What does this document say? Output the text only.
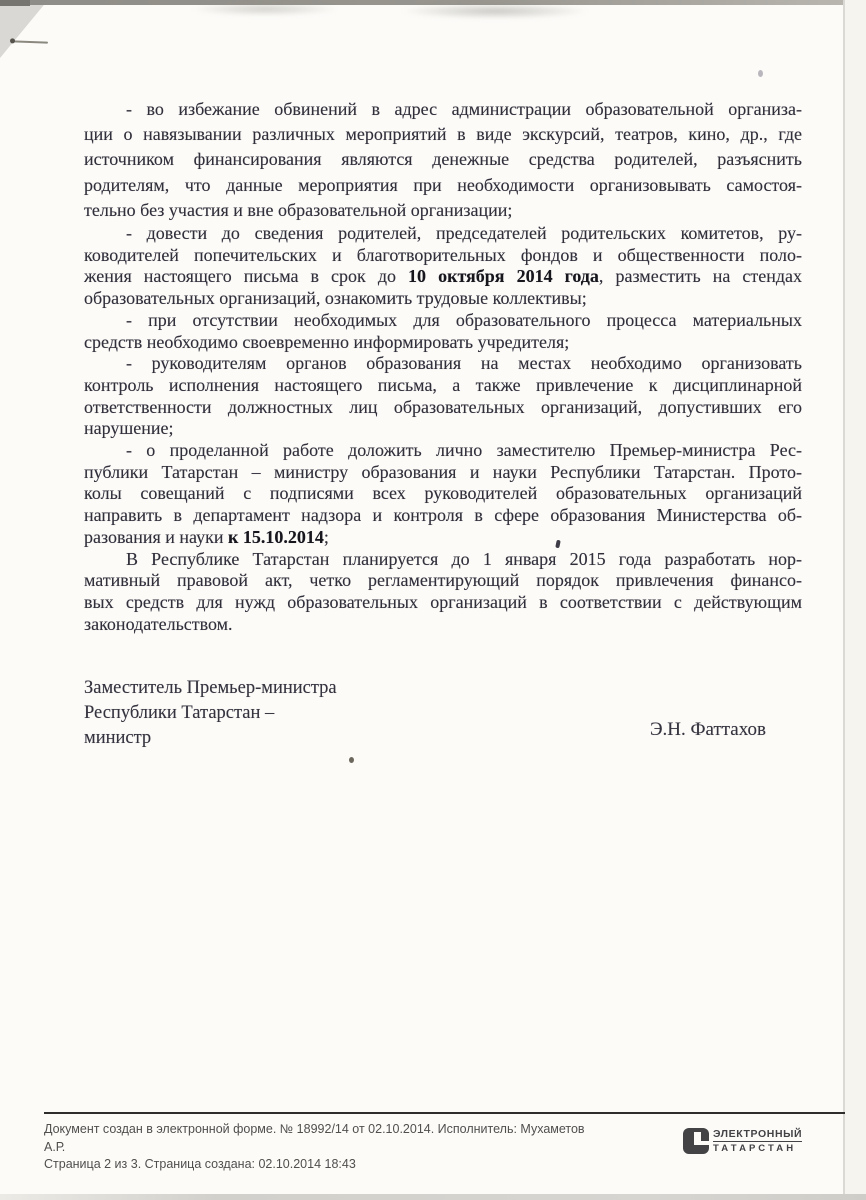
- во избежание обвинений в адрес администрации образовательной организа-
ции о навязывании различных мероприятий в виде экскурсий, театров, кино, др., где
источником финансирования являются денежные средства родителей, разъяснить
родителям, что данные мероприятия при необходимости организовывать самостоя-
тельно без участия и вне образовательной организации;
- довести до сведения родителей, председателей родительских комитетов, ру-
ководителей попечительских и благотворительных фондов и общественности поло-
жения настоящего письма в срок до 10 октября 2014 года, разместить на стендах
образовательных организаций, ознакомить трудовые коллективы;
- при отсутствии необходимых для образовательного процесса материальных
средств необходимо своевременно информировать учредителя;
- руководителям органов образования на местах необходимо организовать
контроль исполнения настоящего письма, а также привлечение к дисциплинарной
ответственности должностных лиц образовательных организаций, допустивших его
нарушение;
- о проделанной работе доложить лично заместителю Премьер-министра Рес-
публики Татарстан – министру образования и науки Республики Татарстан. Прото-
колы совещаний с подписями всех руководителей образовательных организаций
направить в департамент надзора и контроля в сфере образования Министерства об-
разования и науки к 15.10.2014;
В Республике Татарстан планируется до 1 января 2015 года разработать нор-
мативный правовой акт, четко регламентирующий порядок привлечения финансо-
вых средств для нужд образовательных организаций в соответствии с действующим
законодательством.
Заместитель Премьер-министра
Республики Татарстан –
министр	Э.Н. Фаттахов
Документ создан в электронной форме. № 18992/14 от 02.10.2014. Исполнитель: Мухаметов А.Р.
Страница 2 из 3. Страница создана: 02.10.2014 18:43
ЭЛЕКТРОННЫЙ
ТАТАРСТАН
